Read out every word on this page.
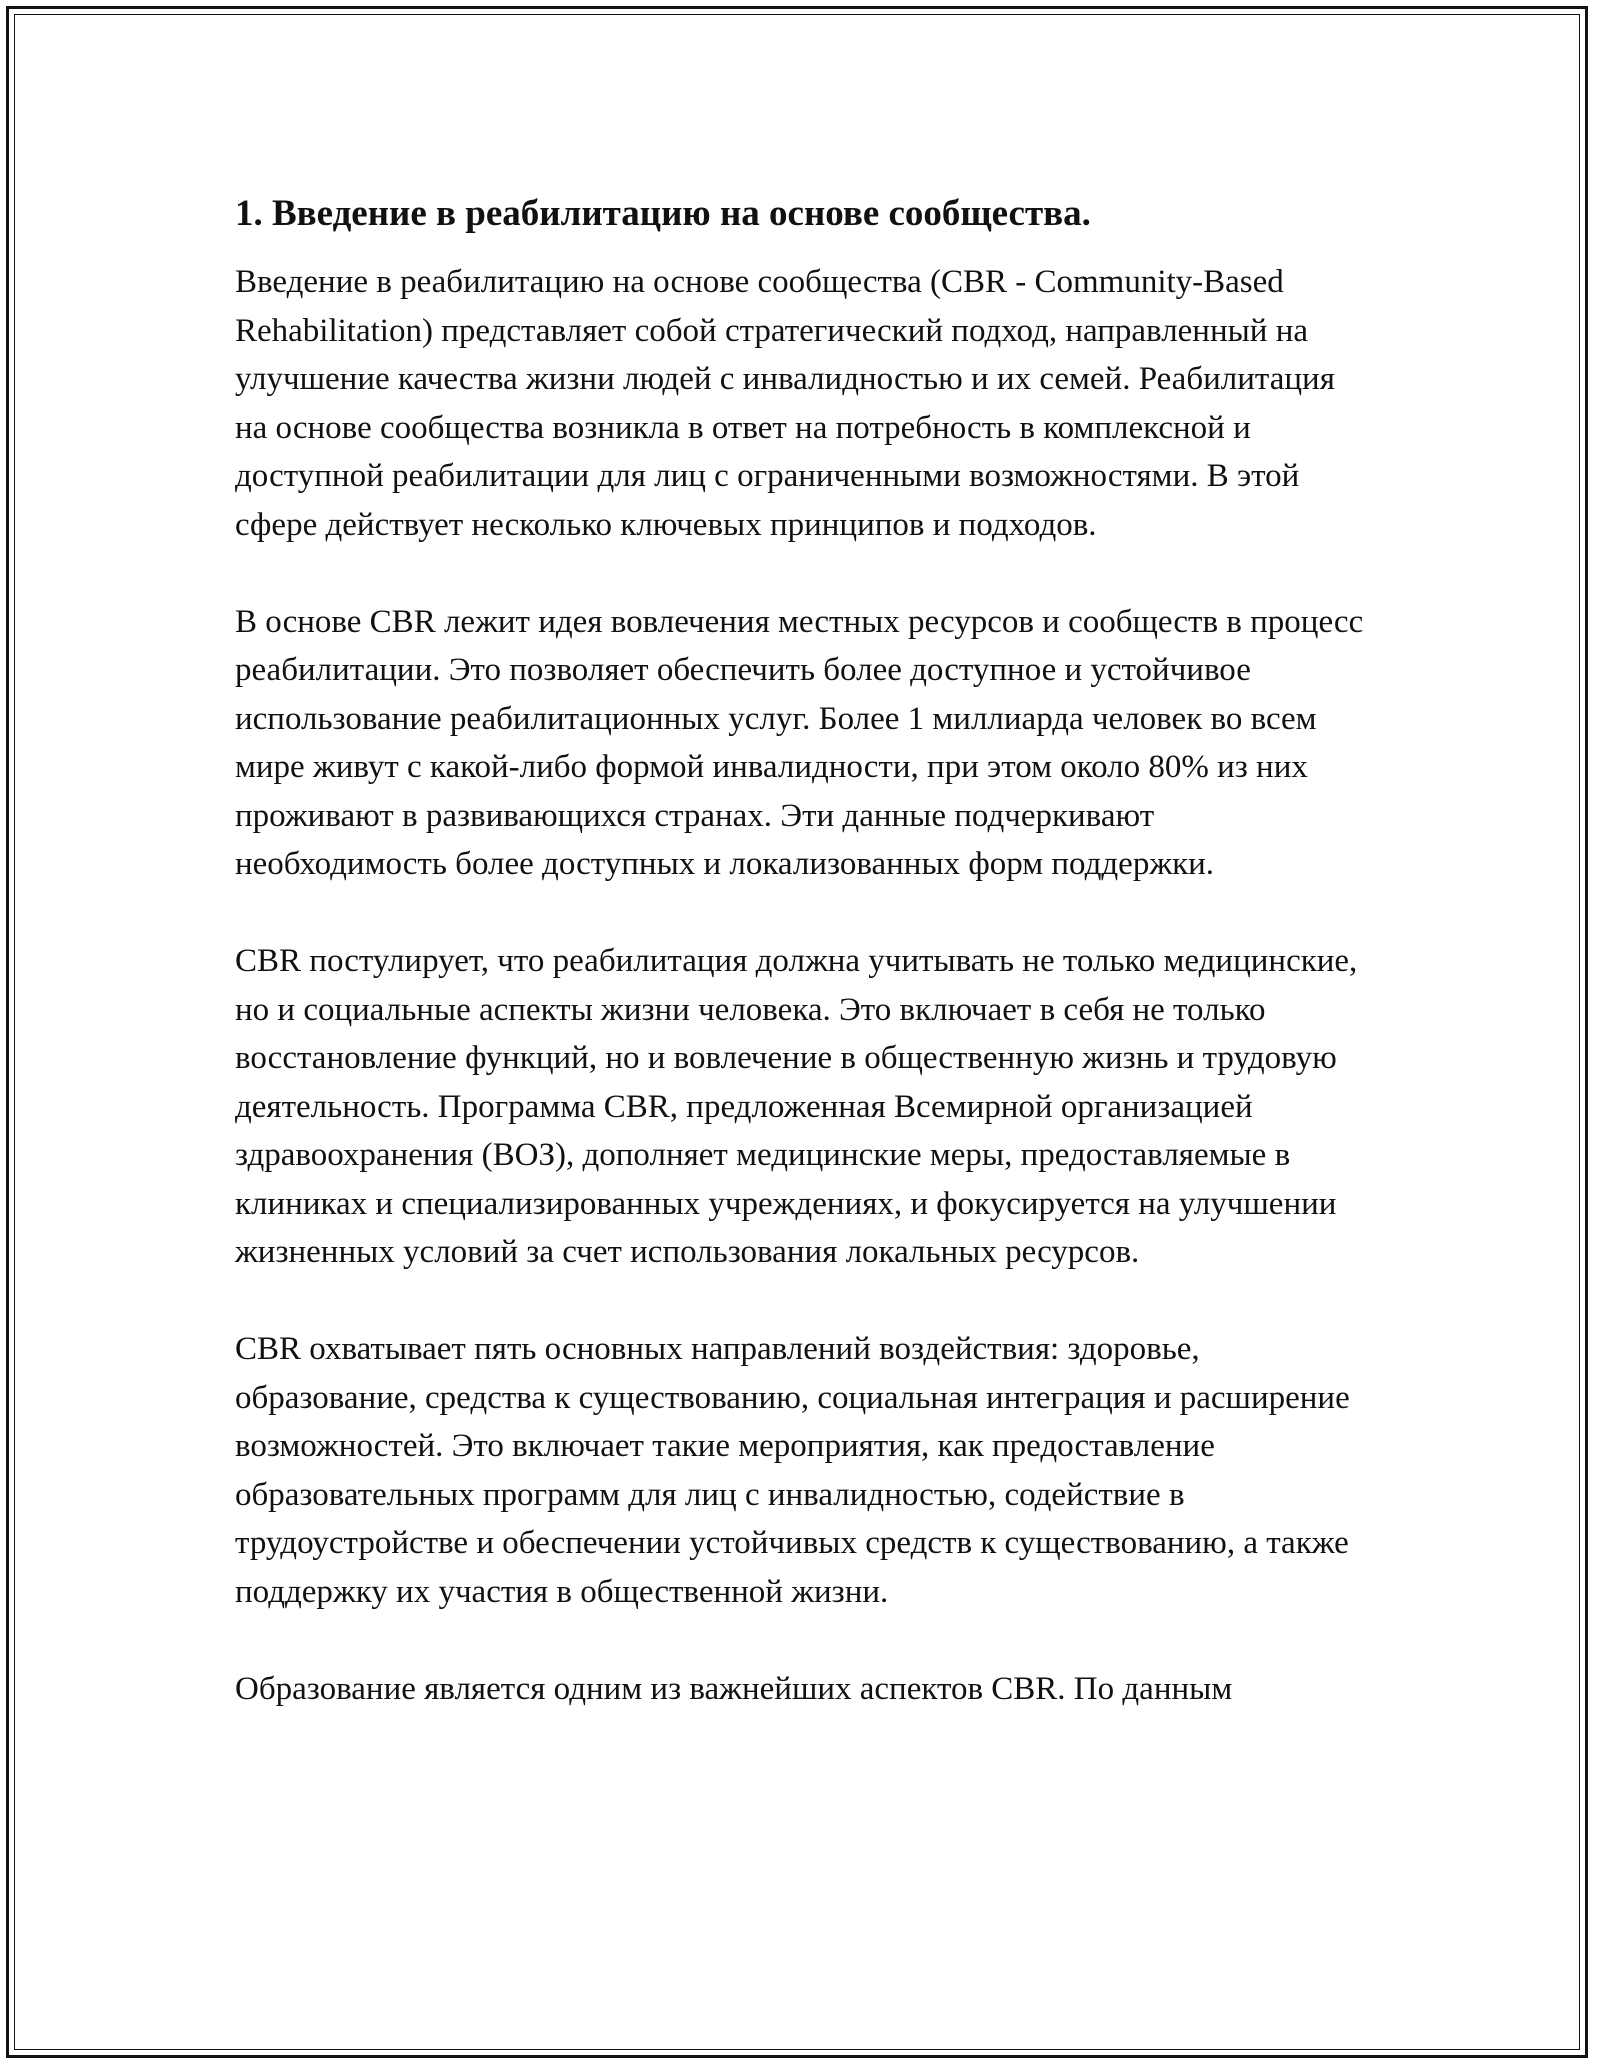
1. Введение в реабилитацию на основе сообщества.

Введение в реабилитацию на основе сообщества (CBR - Community-Based Rehabilitation) представляет собой стратегический подход, направленный на улучшение качества жизни людей с инвалидностью и их семей. Реабилитация на основе сообщества возникла в ответ на потребность в комплексной и доступной реабилитации для лиц с ограниченными возможностями. В этой сфере действует несколько ключевых принципов и подходов.

В основе CBR лежит идея вовлечения местных ресурсов и сообществ в процесс реабилитации. Это позволяет обеспечить более доступное и устойчивое использование реабилитационных услуг. Более 1 миллиарда человек во всем мире живут с какой-либо формой инвалидности, при этом около 80% из них проживают в развивающихся странах. Эти данные подчеркивают необходимость более доступных и локализованных форм поддержки.

CBR постулирует, что реабилитация должна учитывать не только медицинские, но и социальные аспекты жизни человека. Это включает в себя не только восстановление функций, но и вовлечение в общественную жизнь и трудовую деятельность. Программа CBR, предложенная Всемирной организацией здравоохранения (ВОЗ), дополняет медицинские меры, предоставляемые в клиниках и специализированных учреждениях, и фокусируется на улучшении жизненных условий за счет использования локальных ресурсов.

CBR охватывает пять основных направлений воздействия: здоровье, образование, средства к существованию, социальная интеграция и расширение возможностей. Это включает такие мероприятия, как предоставление образовательных программ для лиц с инвалидностью, содействие в трудоустройстве и обеспечении устойчивых средств к существованию, а также поддержку их участия в общественной жизни.

Образование является одним из важнейших аспектов CBR. По данным
